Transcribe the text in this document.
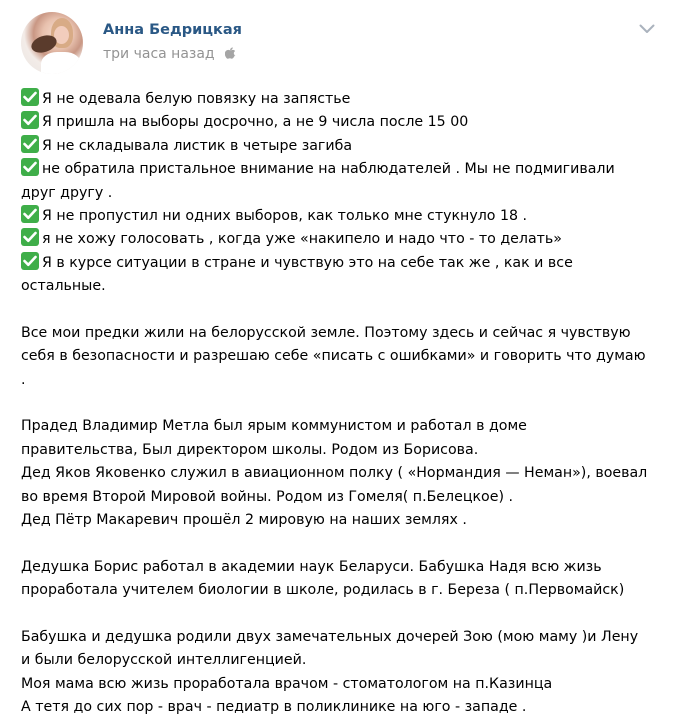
Анна Бедрицкая
три часа назад
Я не одевала белую повязку на запястье
Я пришла на выборы досрочно, а не 9 числа после 15 00
Я не складывала листик в четыре загиба
не обратила пристальное внимание на наблюдателей . Мы не подмигивали
друг другу .
Я не пропустил ни одних выборов, как только мне стукнуло 18 .
я не хожу голосовать , когда уже «накипело и надо что - то делать»
Я в курсе ситуации в стране и чувствую это на себе так же , как и все
остальные.
Все мои предки жили на белорусской земле. Поэтому здесь и сейчас я чувствую
себя в безопасности и разрешаю себе «писать с ошибками» и говорить что думаю
.
Прадед Владимир Метла был ярым коммунистом и работал в доме
правительства, Был директором школы. Родом из Борисова.
Дед Яков Яковенко служил в авиационном полку ( «Нормандия — Неман»), воевал
во время Второй Мировой войны. Родом из Гомеля( п.Белецкое) .
Дед Пётр Макаревич прошёл 2 мировую на наших землях .
Дедушка Борис работал в академии наук Беларуси. Бабушка Надя всю жизь
проработала учителем биологии в школе, родилась в г. Береза ( п.Первомайск)
Бабушка и дедушка родили двух замечательных дочерей Зою (мою маму )и Лену
и были белорусской интеллигенцией.
Моя мама всю жизь проработала врачом - стоматологом на п.Казинца
А тетя до сих пор - врач - педиатр в поликлинике на юго - западе .
